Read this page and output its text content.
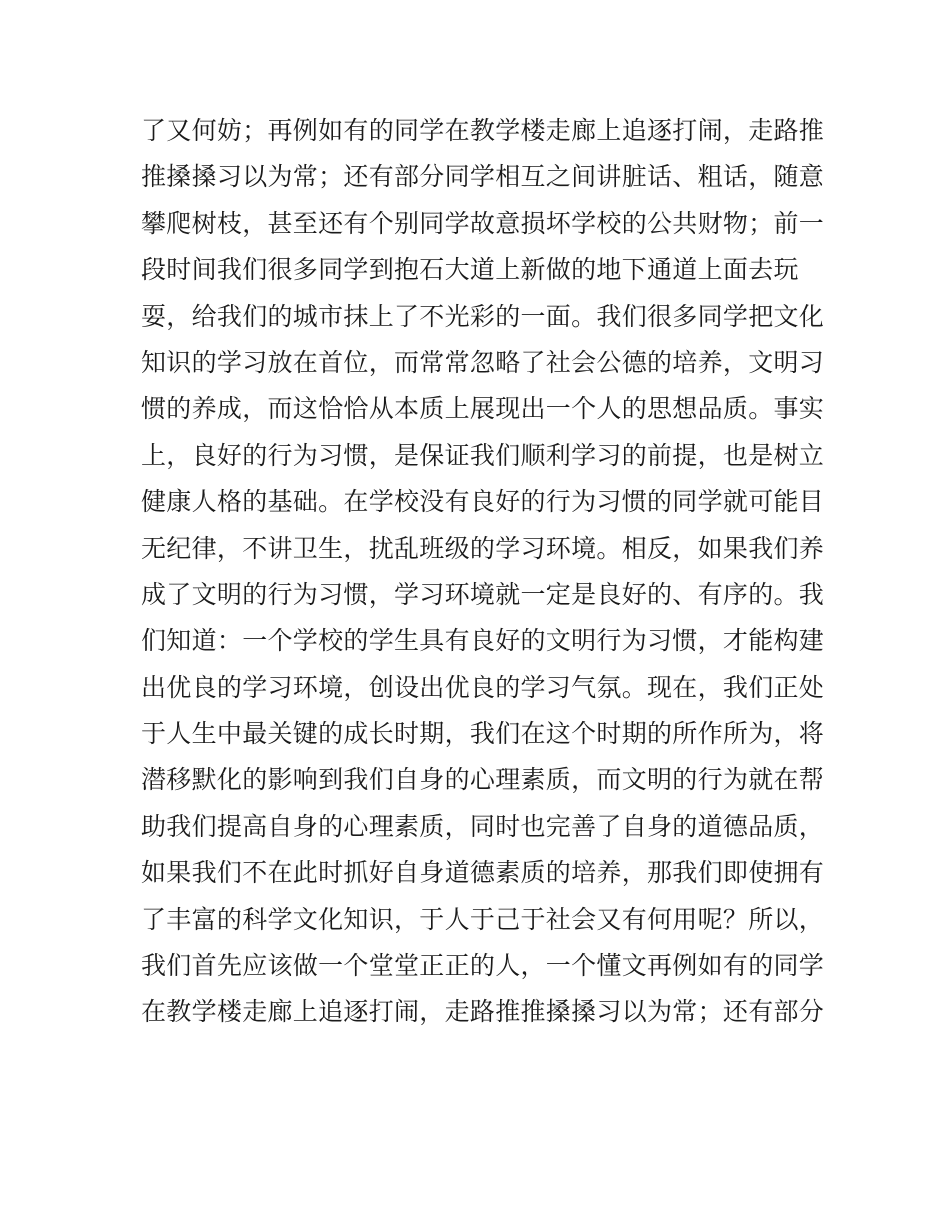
了又何妨；再例如有的同学在教学楼走廊上追逐打闹，走路推
推搡搡习以为常；还有部分同学相互之间讲脏话、粗话，随意
攀爬树枝，甚至还有个别同学故意损坏学校的公共财物；前一
段时间我们很多同学到抱石大道上新做的地下通道上面去玩
耍，给我们的城市抹上了不光彩的一面。我们很多同学把文化
知识的学习放在首位，而常常忽略了社会公德的培养，文明习
惯的养成，而这恰恰从本质上展现出一个人的思想品质。事实
上，良好的行为习惯，是保证我们顺利学习的前提，也是树立
健康人格的基础。在学校没有良好的行为习惯的同学就可能目
无纪律，不讲卫生，扰乱班级的学习环境。相反，如果我们养
成了文明的行为习惯，学习环境就一定是良好的、有序的。我
们知道：一个学校的学生具有良好的文明行为习惯，才能构建
出优良的学习环境，创设出优良的学习气氛。现在，我们正处
于人生中最关键的成长时期，我们在这个时期的所作所为，将
潜移默化的影响到我们自身的心理素质，而文明的行为就在帮
助我们提高自身的心理素质，同时也完善了自身的道德品质，
如果我们不在此时抓好自身道德素质的培养，那我们即使拥有
了丰富的科学文化知识，于人于己于社会又有何用呢？所以，
我们首先应该做一个堂堂正正的人，一个懂文再例如有的同学
在教学楼走廊上追逐打闹，走路推推搡搡习以为常；还有部分
